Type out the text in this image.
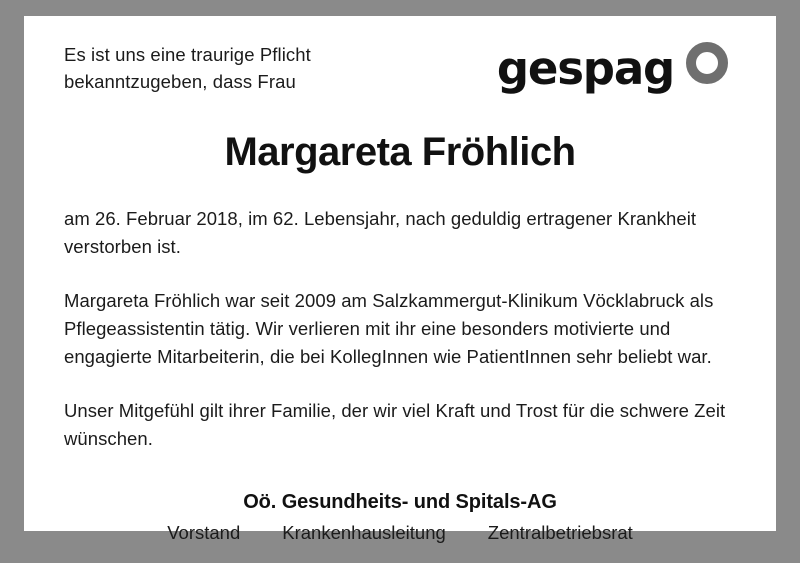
Es ist uns eine traurige Pflicht
bekanntzugeben, dass Frau	gespag
Margareta Fröhlich

am 26. Februar 2018, im 62. Lebensjahr, nach geduldig ertragener Krankheit verstorben ist.

Margareta Fröhlich war seit 2009 am Salzkammergut-Klinikum Vöcklabruck als Pflegeassistentin tätig. Wir verlieren mit ihr eine besonders motivierte und engagierte Mitarbeiterin, die bei KollegInnen wie PatientInnen sehr beliebt war.

Unser Mitgefühl gilt ihrer Familie, der wir viel Kraft und Trost für die schwere Zeit wünschen.

Oö. Gesundheits- und Spitals-AG
Vorstand Krankenhausleitung Zentralbetriebsrat
